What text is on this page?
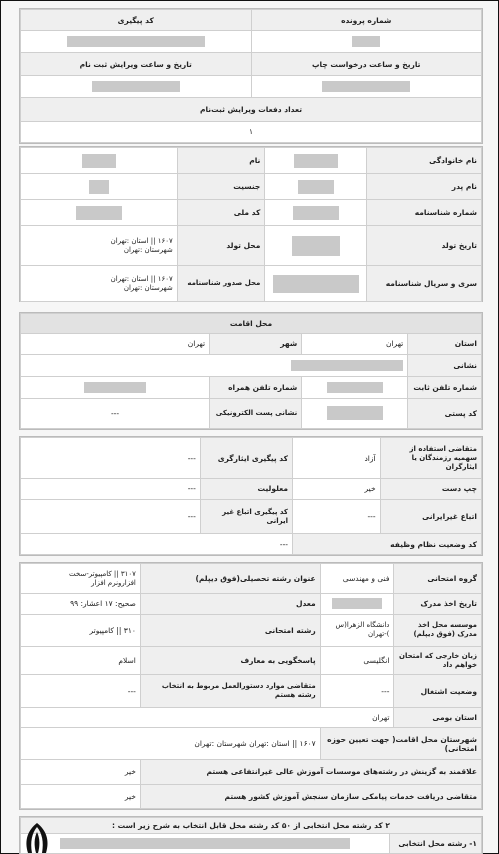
شماره پرونده	کد پیگیری

تاریخ و ساعت درخواست چاپ	تاریخ و ساعت ویرایش ثبت نام

تعداد دفعات ویرایش ثبت‌نام	
۱	
نام خانوادگی		نام	
نام پدر		جنسیت	
شماره شناسنامه		کد ملی	
تاریخ تولد		محل تولد	۱۶۰۷ || استان :تهران
شهرستان :تهران

سری و سریال شناسنامه		محل صدور شناسنامه	۱۶۰۷ || استان :تهران
شهرستان :تهران
محل اقامت			
استان	تهران	شهر	تهران
نشانی			
شماره تلفن ثابت		شماره تلفن همراه	
کد پستی		نشانی پست الکترونیکی	---
متقاضی استفاده از سهمیه رزمندگان یا ایثارگران	آزاد	کد پیگیری ایثارگری	---
چپ دست	خیر	معلولیت	---
اتباع غیرایرانی	---	کد پیگیری اتباع غیر ایرانی	---
کد وضعیت نظام وظیفه		---	
گروه امتحانی	فنی و مهندسی	عنوان رشته تحصیلی(فوق دیپلم)	۳۱۰۷ || کامپیوتر-سخت
افزارونرم افزار

تاریخ اخذ مدرک		معدل	صحیح: ۱۷ اعشار: ۹۹
موسسه محل اخذ مدرک (فوق دیپلم)	دانشگاه الزهرا(س
)-تهران	رشته امتحانی	۳۱۰ || کامپیوتر
زبان خارجی که امتحان خواهم داد	انگلیسی	پاسخگویی به معارف	اسلام
وضعیت اشتغال	---	متقاضی موارد دستورالعمل مربوط به انتخاب رشته هستم	---
استان بومی	تهران		
شهرستان محل اقامت( جهت تعیین حوزه امتحانی)		۱۶۰۷ || استان :تهران شهرستان :تهران	
علاقمند به گزینش در رشته‌های موسسات آموزش عالی غیرانتفاعی هستم			خیر
متقاضی دریافت خدمات پیامکی سازمان سنجش آموزش کشور هستم			خیر
۲ کد رشته محل انتخابی از ۵۰ کد رشته محل قابل انتخاب به شرح زیر است :
۱- رشته محل انتخابی	
